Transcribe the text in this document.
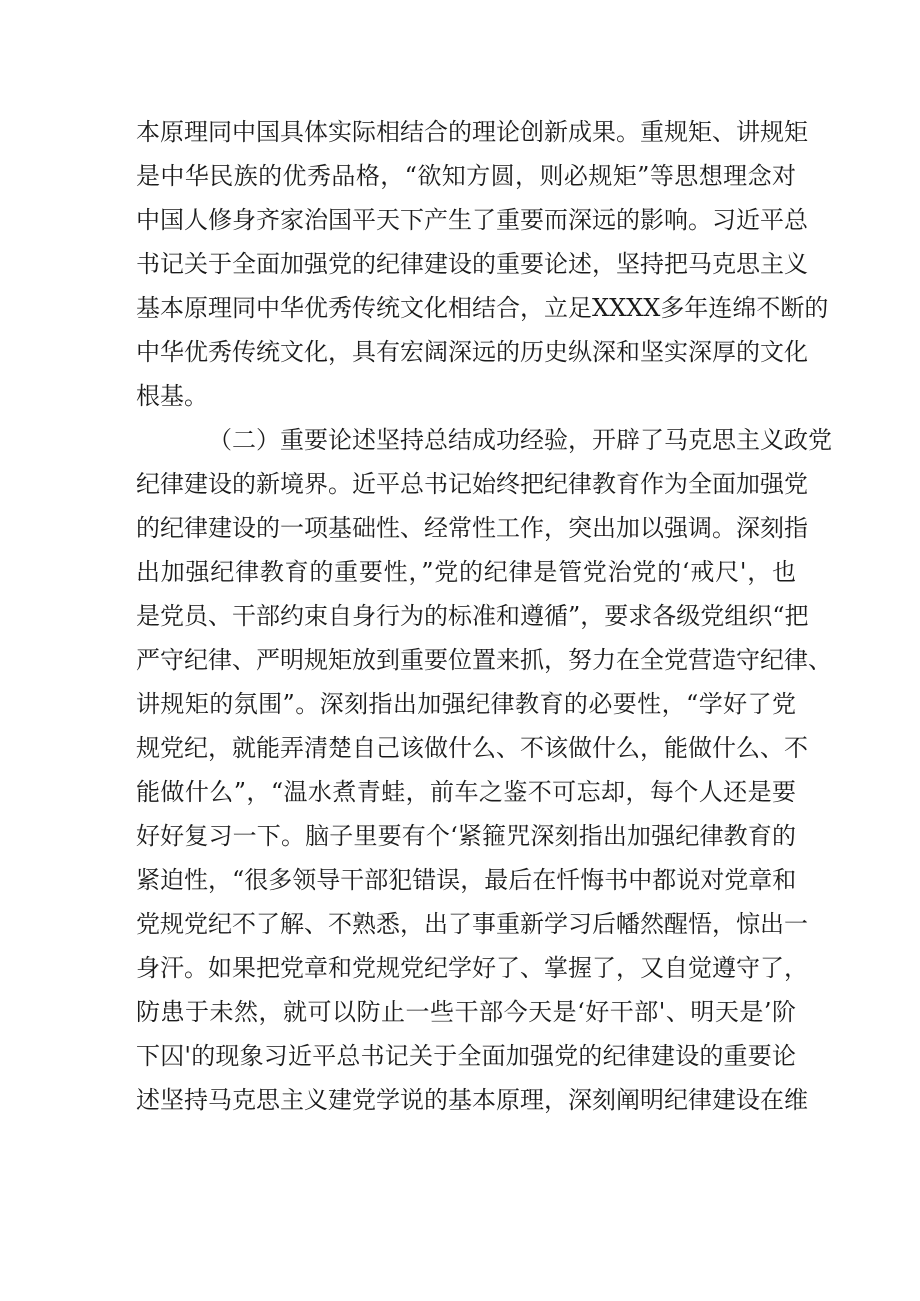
本原理同中国具体实际相结合的理论创新成果。重规矩、讲规矩
是中华民族的优秀品格，“欲知方圆，则必规矩”等思想理念对
中国人修身齐家治国平天下产生了重要而深远的影响。习近平总
书记关于全面加强党的纪律建设的重要论述，坚持把马克思主义
基本原理同中华优秀传统文化相结合，立足XXXX多年连绵不断的
中华优秀传统文化，具有宏阔深远的历史纵深和坚实深厚的文化
根基。
（二）重要论述坚持总结成功经验，开辟了马克思主义政党
纪律建设的新境界。近平总书记始终把纪律教育作为全面加强党
的纪律建设的一项基础性、经常性工作，突出加以强调。深刻指
出加强纪律教育的重要性，”党的纪律是管党治党的‘戒尺'，也
是党员、干部约束自身行为的标准和遵循”，要求各级党组织“把
严守纪律、严明规矩放到重要位置来抓，努力在全党营造守纪律、
讲规矩的氛围”。深刻指出加强纪律教育的必要性，“学好了党
规党纪，就能弄清楚自己该做什么、不该做什么，能做什么、不
能做什么”，“温水煮青蛙，前车之鉴不可忘却，每个人还是要
好好复习一下。脑子里要有个‘紧箍咒深刻指出加强纪律教育的
紧迫性，“很多领导干部犯错误，最后在忏悔书中都说对党章和
党规党纪不了解、不熟悉，出了事重新学习后幡然醒悟，惊出一
身汗。如果把党章和党规党纪学好了、掌握了，又自觉遵守了，
防患于未然，就可以防止一些干部今天是‘好干部'、明天是’阶
下囚'的现象习近平总书记关于全面加强党的纪律建设的重要论
述坚持马克思主义建党学说的基本原理，深刻阐明纪律建设在维
